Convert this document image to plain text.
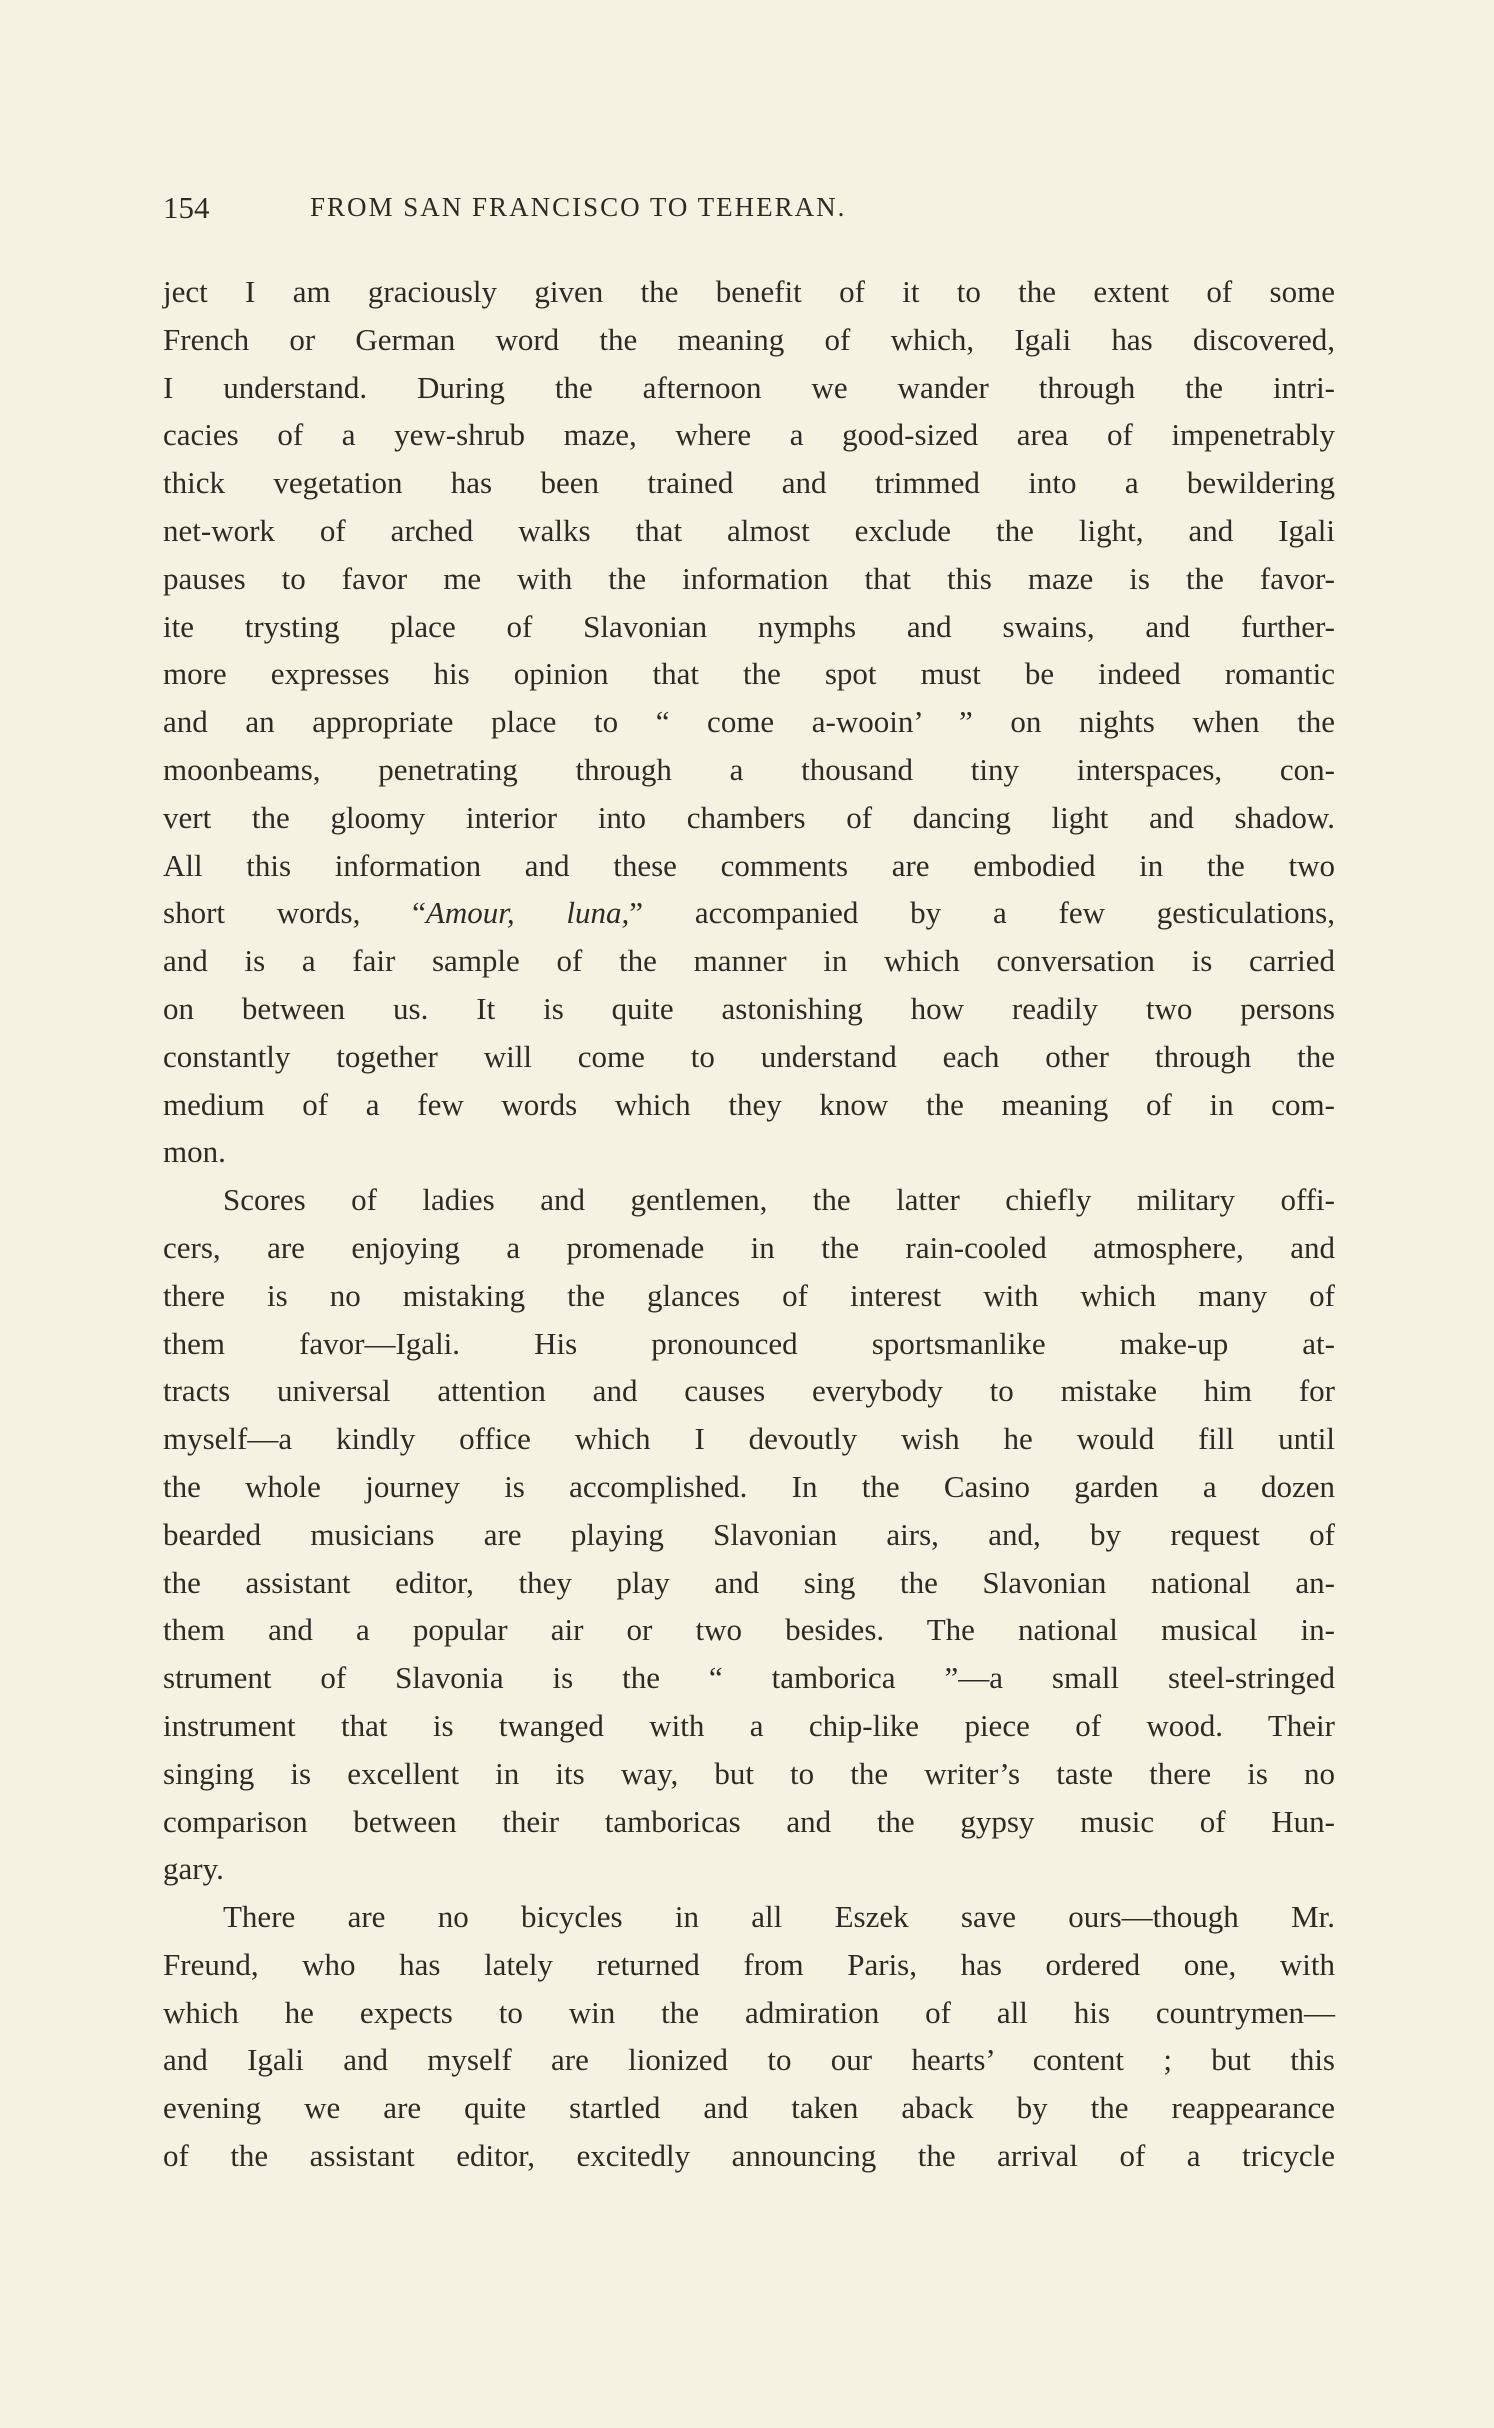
154	FROM SAN FRANCISCO TO TEHERAN.
ject I am graciously given the benefit of it to the extent of some
French or German word the meaning of which, Igali has discovered,
I understand. During the afternoon we wander through the intri-
cacies of a yew-shrub maze, where a good-sized area of impenetrably
thick vegetation has been trained and trimmed into a bewildering
net-work of arched walks that almost exclude the light, and Igali
pauses to favor me with the information that this maze is the favor-
ite trysting place of Slavonian nymphs and swains, and further-
more expresses his opinion that the spot must be indeed romantic
and an appropriate place to “ come a-wooin’ ” on nights when the
moonbeams, penetrating through a thousand tiny interspaces, con-
vert the gloomy interior into chambers of dancing light and shadow.
All this information and these comments are embodied in the two
short words, “Amour, luna,” accompanied by a few gesticulations,
and is a fair sample of the manner in which conversation is carried
on between us. It is quite astonishing how readily two persons
constantly together will come to understand each other through the
medium of a few words which they know the meaning of in com-
mon.
Scores of ladies and gentlemen, the latter chiefly military offi-
cers, are enjoying a promenade in the rain-cooled atmosphere, and
there is no mistaking the glances of interest with which many of
them favor—Igali. His pronounced sportsmanlike make-up at-
tracts universal attention and causes everybody to mistake him for
myself—a kindly office which I devoutly wish he would fill until
the whole journey is accomplished. In the Casino garden a dozen
bearded musicians are playing Slavonian airs, and, by request of
the assistant editor, they play and sing the Slavonian national an-
them and a popular air or two besides. The national musical in-
strument of Slavonia is the “ tamborica ”—a small steel-stringed
instrument that is twanged with a chip-like piece of wood. Their
singing is excellent in its way, but to the writer’s taste there is no
comparison between their tamboricas and the gypsy music of Hun-
gary.
There are no bicycles in all Eszek save ours—though Mr.
Freund, who has lately returned from Paris, has ordered one, with
which he expects to win the admiration of all his countrymen—
and Igali and myself are lionized to our hearts’ content ; but this
evening we are quite startled and taken aback by the reappearance
of the assistant editor, excitedly announcing the arrival of a tricycle
